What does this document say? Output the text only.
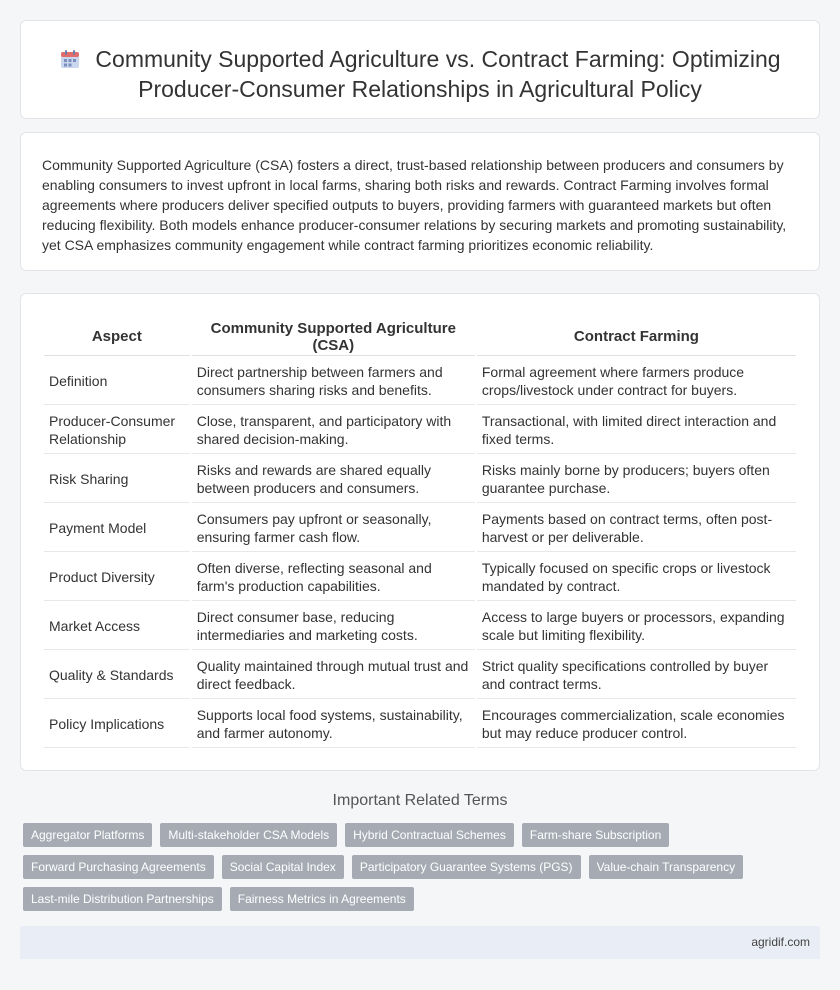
Community Supported Agriculture vs. Contract Farming: Optimizing Producer-Consumer Relationships in Agricultural Policy

Community Supported Agriculture (CSA) fosters a direct, trust-based relationship between producers and consumers by enabling consumers to invest upfront in local farms, sharing both risks and rewards. Contract Farming involves formal agreements where producers deliver specified outputs to buyers, providing farmers with guaranteed markets but often reducing flexibility. Both models enhance producer-consumer relations by securing markets and promoting sustainability, yet CSA emphasizes community engagement while contract farming prioritizes economic reliability.

Aspect	Community Supported Agriculture (CSA)	Contract Farming
Definition	Direct partnership between farmers and consumers sharing risks and benefits.	Formal agreement where farmers produce crops/livestock under contract for buyers.
Producer-Consumer Relationship	Close, transparent, and participatory with shared decision-making.	Transactional, with limited direct interaction and fixed terms.
Risk Sharing	Risks and rewards are shared equally between producers and consumers.	Risks mainly borne by producers; buyers often guarantee purchase.
Payment Model	Consumers pay upfront or seasonally, ensuring farmer cash flow.	Payments based on contract terms, often post-harvest or per deliverable.
Product Diversity	Often diverse, reflecting seasonal and farm's production capabilities.	Typically focused on specific crops or livestock mandated by contract.
Market Access	Direct consumer base, reducing intermediaries and marketing costs.	Access to large buyers or processors, expanding scale but limiting flexibility.
Quality & Standards	Quality maintained through mutual trust and direct feedback.	Strict quality specifications controlled by buyer and contract terms.
Policy Implications	Supports local food systems, sustainability, and farmer autonomy.	Encourages commercialization, scale economies but may reduce producer control.
Important Related Terms
Aggregator Platforms	Multi-stakeholder CSA Models	Hybrid Contractual Schemes	Farm-share Subscription
Forward Purchasing Agreements	Social Capital Index	Participatory Guarantee Systems (PGS)	Value-chain Transparency
Last-mile Distribution Partnerships	Fairness Metrics in Agreements
agridif.com
